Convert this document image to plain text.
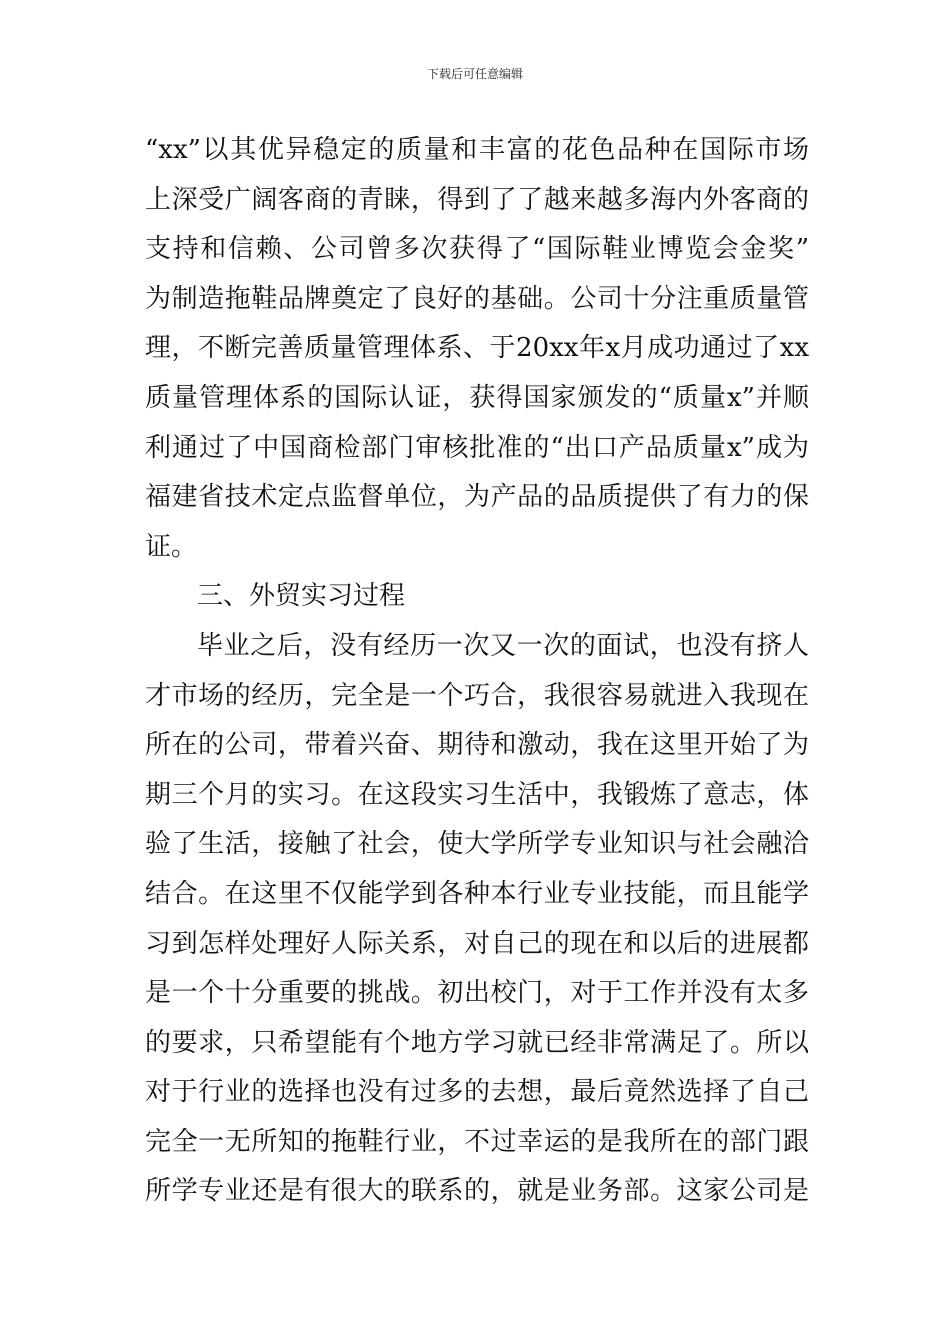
下载后可任意编辑
“xx”以其优异稳定的质量和丰富的花色品种在国际市场
上深受广阔客商的青睐，得到了了越来越多海内外客商的
支持和信赖、公司曾多次获得了“国际鞋业博览会金奖”
为制造拖鞋品牌奠定了良好的基础。公司十分注重质量管
理，不断完善质量管理体系、于20xx年x月成功通过了xx
质量管理体系的国际认证，获得国家颁发的“质量x”并顺
利通过了中国商检部门审核批准的“出口产品质量x”成为
福建省技术定点监督单位，为产品的品质提供了有力的保
证。
三、外贸实习过程
毕业之后，没有经历一次又一次的面试，也没有挤人
才市场的经历，完全是一个巧合，我很容易就进入我现在
所在的公司，带着兴奋、期待和激动，我在这里开始了为
期三个月的实习。在这段实习生活中，我锻炼了意志，体
验了生活，接触了社会，使大学所学专业知识与社会融洽
结合。在这里不仅能学到各种本行业专业技能，而且能学
习到怎样处理好人际关系，对自己的现在和以后的进展都
是一个十分重要的挑战。初出校门，对于工作并没有太多
的要求，只希望能有个地方学习就已经非常满足了。所以
对于行业的选择也没有过多的去想，最后竟然选择了自己
完全一无所知的拖鞋行业，不过幸运的是我所在的部门跟
所学专业还是有很大的联系的，就是业务部。这家公司是
